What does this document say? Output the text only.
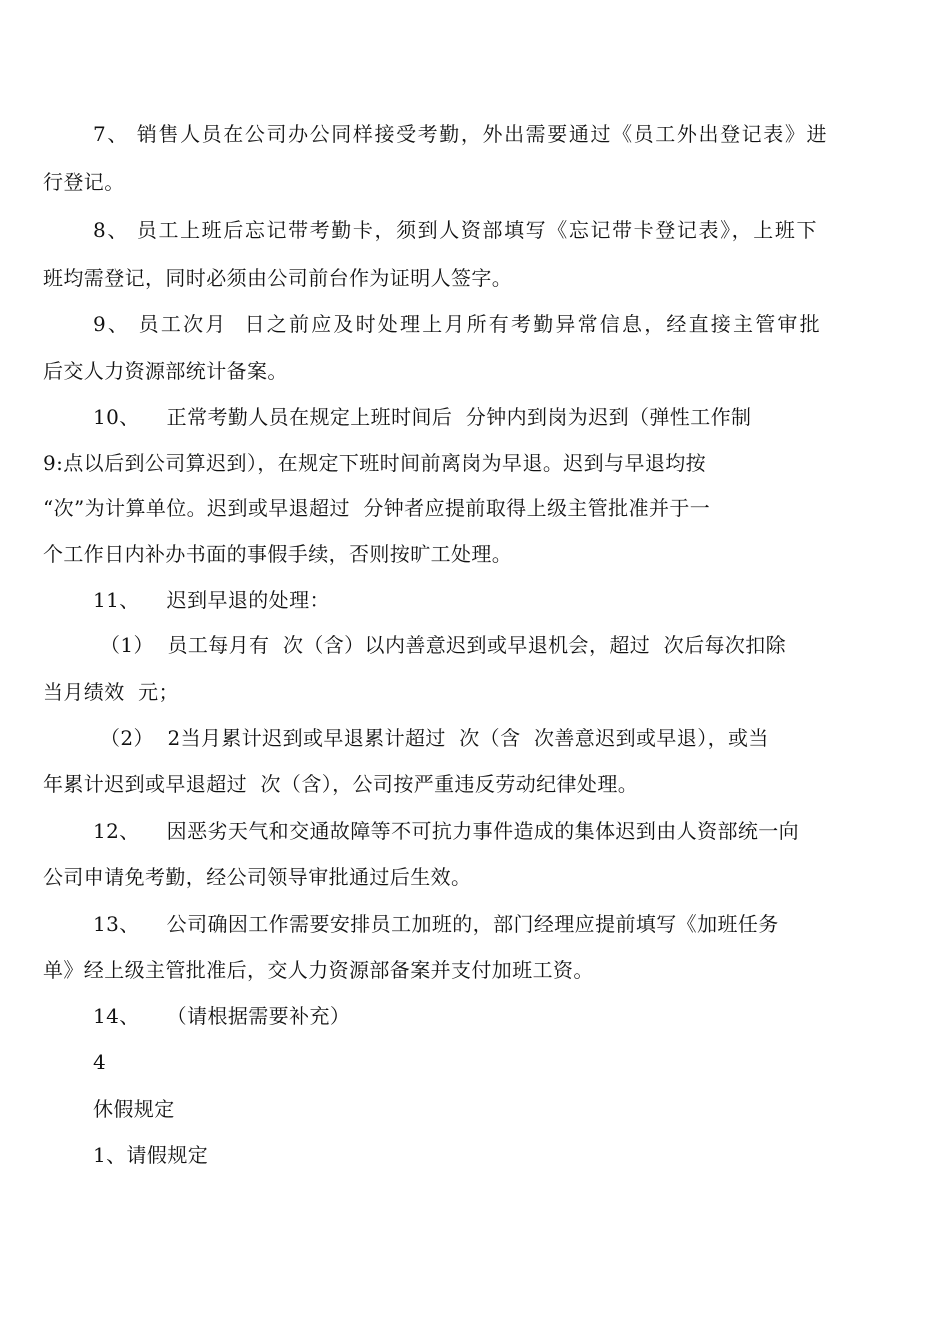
7、 销售人员在公司办公同样接受考勤，外出需要通过《员工外出登记表》进
行登记。
8、 员工上班后忘记带考勤卡，须到人资部填写《忘记带卡登记表》，上班下
班均需登记，同时必须由公司前台作为证明人签字。
9、 员工次月  日之前应及时处理上月所有考勤异常信息，经直接主管审批
后交人力资源部统计备案。
10、    正常考勤人员在规定上班时间后  分钟内到岗为迟到（弹性工作制
9:点以后到公司算迟到），在规定下班时间前离岗为早退。迟到与早退均按
“次”为计算单位。迟到或早退超过  分钟者应提前取得上级主管批准并于一
个工作日内补办书面的事假手续，否则按旷工处理。
11、    迟到早退的处理：
（1）  员工每月有  次（含）以内善意迟到或早退机会，超过  次后每次扣除
当月绩效  元；
（2）  2当月累计迟到或早退累计超过  次（含  次善意迟到或早退），或当
年累计迟到或早退超过  次（含），公司按严重违反劳动纪律处理。
12、    因恶劣天气和交通故障等不可抗力事件造成的集体迟到由人资部统一向
公司申请免考勤，经公司领导审批通过后生效。
13、    公司确因工作需要安排员工加班的，部门经理应提前填写《加班任务
单》经上级主管批准后，交人力资源部备案并支付加班工资。
14、    （请根据需要补充）
4
休假规定
1、请假规定
